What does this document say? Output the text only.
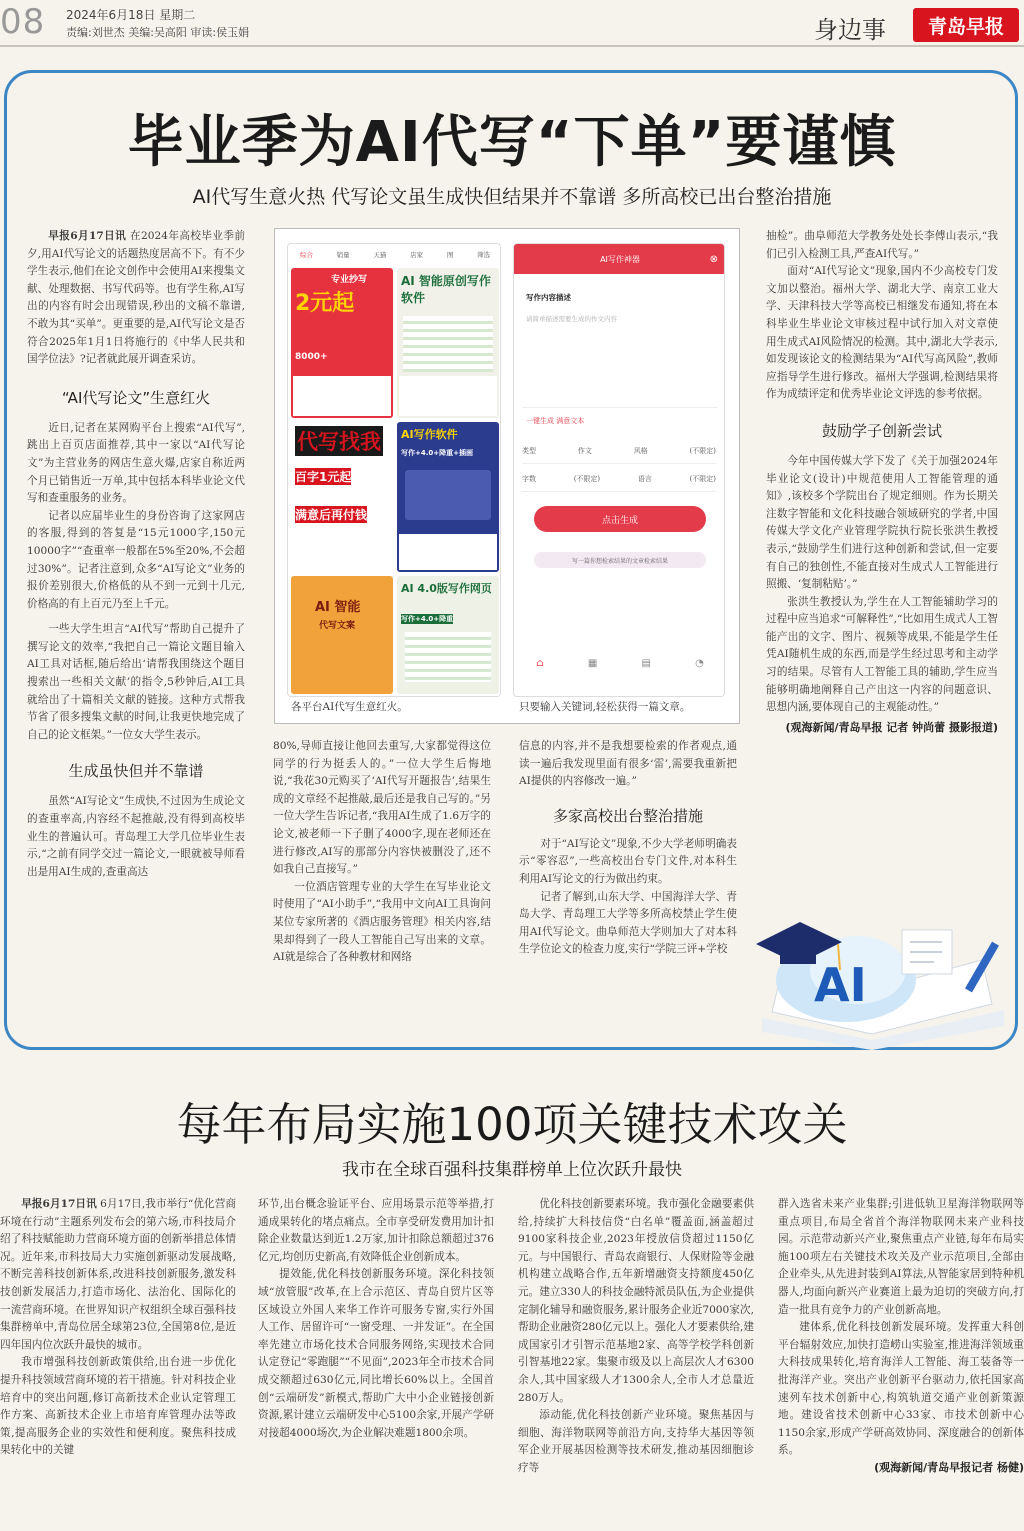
08 2024年6月18日 星期二
责编:刘世杰 美编:吴高阳 审读:侯玉娟	身边事 青岛早报
毕业季为AI代写“下单”要谨慎
AI代写生意火热 代写论文虽生成快但结果并不靠谱 多所高校已出台整治措施

早报6月17日讯 在2024年高校毕业季前夕,用AI代写论文的话题热度居高不下。有不少学生表示,他们在论文创作中会使用AI来搜集文献、处理数据、书写代码等。也有学生称,AI写出的内容有时会出现错误,秒出的文稿不靠谱,不敢为其“买单”。更重要的是,AI代写论文是否符合2025年1月1日将施行的《中华人民共和国学位法》?记者就此展开调查采访。

“AI代写论文”生意红火

近日,记者在某网购平台上搜索“AI代写”,跳出上百页店面推荐,其中一家以“AI代写论文”为主营业务的网店生意火爆,店家自称近两个月已销售近一万单,其中包括本科毕业论文代写和查重服务的业务。

记者以应届毕业生的身份咨询了这家网店的客服,得到的答复是“15元1000字,150元10000字”“查重率一般都在5%至20%,不会超过30%”。记者注意到,众多“AI写论文”业务的报价差别很大,价格低的从不到一元到十几元,价格高的有上百元乃至上千元。

一些大学生坦言“AI代写”帮助自己提升了撰写论文的效率,“我把自己一篇论文题目输入AI工具对话框,随后给出‘请帮我围绕这个题目搜索出一些相关文献’的指令,5秒钟后,AI工具就给出了十篇相关文献的链接。这种方式帮我节省了很多搜集文献的时间,让我更快地完成了自己的论文框架。”一位女大学生表示。

生成虽快但并不靠谱

虽然“AI写论文”生成快,不过因为生成论文的查重率高,内容经不起推敲,没有得到高校毕业生的普遍认可。青岛理工大学几位毕业生表示,“之前有同学交过一篇论文,一眼就被导师看出是用AI生成的,查重高达

综合	销量	天猫	店家	图	筛选
2元起
专业抄写
8000+
AI 智能原创写作软件
代写找我
百字1元起
满意后再付钱
AI写作软件
写作+4.0+降重+插画
AI 智能
代写文案
AI 4.0版写作网页
写作+4.0+降重
各平台AI代写生意红火。
AI写作神器	⊗
写作内容描述
请简单描述需要生成的作文内容
一键生成 满意文本
类型	作文	风格	(不限定)
字数	(不限定)	语言	(不限定)
点击生成
写一篇你想检索结果的文章检索结果
⌂	▦	▤	◔
只要输入关键词,轻松获得一篇文章。

80%,导师直接让他回去重写,大家都觉得这位同学的行为挺丢人的。”一位大学生后悔地说,“我花30元购买了‘AI代写开题报告’,结果生成的文章经不起推敲,最后还是我自己写的。”另一位大学生告诉记者,“我用AI生成了1.6万字的论文,被老师一下子删了4000字,现在老师还在进行修改,AI写的那部分内容快被删没了,还不如我自己直接写。”

一位酒店管理专业的大学生在写毕业论文时使用了“AI小助手”,“我用中文向AI工具询问某位专家所著的《酒店服务管理》相关内容,结果却得到了一段人工智能自己写出来的文章。AI就是综合了各种教材和网络

信息的内容,并不是我想要检索的作者观点,通读一遍后我发现里面有很多‘雷’,需要我重新把AI提供的内容修改一遍。”

多家高校出台整治措施

对于“AI写论文”现象,不少大学老师明确表示“零容忍”,一些高校出台专门文件,对本科生利用AI写论文的行为做出约束。

记者了解到,山东大学、中国海洋大学、青岛大学、青岛理工大学等多所高校禁止学生使用AI代写论文。曲阜师范大学则加大了对本科生学位论文的检查力度,实行“学院三评+学校

抽检”。曲阜师范大学教务处处长李傅山表示,“我们已引入检测工具,严查AI代写。”

面对“AI代写论文”现象,国内不少高校专门发文加以整治。福州大学、湖北大学、南京工业大学、天津科技大学等高校已相继发布通知,将在本科毕业生毕业论文审核过程中试行加入对文章使用生成式AI风险情况的检测。其中,湖北大学表示,如发现该论文的检测结果为“AI代写高风险”,教师应指导学生进行修改。福州大学强调,检测结果将作为成绩评定和优秀毕业论文评选的参考依据。

鼓励学子创新尝试

今年中国传媒大学下发了《关于加强2024年毕业论文(设计)中规范使用人工智能管理的通知》,该校多个学院出台了规定细则。作为长期关注数字智能和文化科技融合领域研究的学者,中国传媒大学文化产业管理学院执行院长张洪生教授表示,“鼓励学生们进行这种创新和尝试,但一定要有自己的独创性,不能直接对生成式人工智能进行照搬、‘复制粘贴’。”

张洪生教授认为,学生在人工智能辅助学习的过程中应当追求“可解释性”,“比如用生成式人工智能产出的文字、图片、视频等成果,不能是学生任凭AI随机生成的东西,而是学生经过思考和主动学习的结果。尽管有人工智能工具的辅助,学生应当能够明确地阐释自己产出这一内容的问题意识、思想内涵,要体现自己的主观能动性。”

(观海新闻/青岛早报 记者 钟尚蕾 摄影报道)
AI
每年布局实施100项关键技术攻关
我市在全球百强科技集群榜单上位次跃升最快

早报6月17日讯 6月17日,我市举行“优化营商环境在行动”主题系列发布会的第六场,市科技局介绍了科技赋能助力营商环境方面的创新举措总体情况。近年来,市科技局大力实施创新驱动发展战略,不断完善科技创新体系,改进科技创新服务,激发科技创新发展活力,打造市场化、法治化、国际化的一流营商环境。在世界知识产权组织全球百强科技集群榜单中,青岛位居全球第23位,全国第8位,是近四年国内位次跃升最快的城市。

我市增强科技创新政策供给,出台进一步优化提升科技领域营商环境的若干措施。针对科技企业培育中的突出问题,修订高新技术企业认定管理工作方案、高新技术企业上市培育库管理办法等政策,提高服务企业的实效性和便利度。聚焦科技成果转化中的关键

环节,出台概念验证平台、应用场景示范等举措,打通成果转化的堵点痛点。全市享受研发费用加计扣除企业数量达到近1.2万家,加计扣除总额超过376亿元,均创历史新高,有效降低企业创新成本。

提效能,优化科技创新服务环境。深化科技领域“放管服”改革,在上合示范区、青岛自贸片区等区域设立外国人来华工作许可服务专窗,实行外国人工作、居留许可“一窗受理、一并发证”。在全国率先建立市场化技术合同服务网络,实现技术合同认定登记“零跑腿”“不见面”,2023年全市技术合同成交额超过630亿元,同比增长60%以上。全国首创“云端研发”新模式,帮助广大中小企业链接创新资源,累计建立云端研发中心5100余家,开展产学研对接超4000场次,为企业解决难题1800余项。

优化科技创新要素环境。我市强化金融要素供给,持续扩大科技信贷“白名单”覆盖面,涵盖超过9100家科技企业,2023年授放信贷超过1150亿元。与中国银行、青岛农商银行、人保财险等金融机构建立战略合作,五年新增融资支持额度450亿元。建立330人的科技金融特派员队伍,为企业提供定制化辅导和融资服务,累计服务企业近7000家次,帮助企业融资280亿元以上。强化人才要素供给,建成国家引才引智示范基地2家、高等学校学科创新引智基地22家。集聚市级及以上高层次人才6300余人,其中国家级人才1300余人,全市人才总量近280万人。

添动能,优化科技创新产业环境。聚焦基因与细胞、海洋物联网等前沿方向,支持华大基因等领军企业开展基因检测等技术研发,推动基因细胞诊疗等

群入选省未来产业集群;引进低轨卫星海洋物联网等重点项目,布局全省首个海洋物联网未来产业科技园。示范带动新兴产业,聚焦重点产业链,每年布局实施100项左右关键技术攻关及产业示范项目,全部由企业牵头,从先进封装到AI算法,从智能家居到特种机器人,均面向新兴产业赛道上最为迫切的突破方向,打造一批具有竞争力的产业创新高地。

建体系,优化科技创新发展环境。发挥重大科创平台辐射效应,加快打造崂山实验室,推进海洋领域重大科技成果转化,培育海洋人工智能、海工装备等一批海洋产业。突出产业创新平台驱动力,依托国家高速列车技术创新中心,构筑轨道交通产业创新策源地。建设省技术创新中心33家、市技术创新中心1150余家,形成产学研高效协同、深度融合的创新体系。

(观海新闻/青岛早报记者 杨健)
